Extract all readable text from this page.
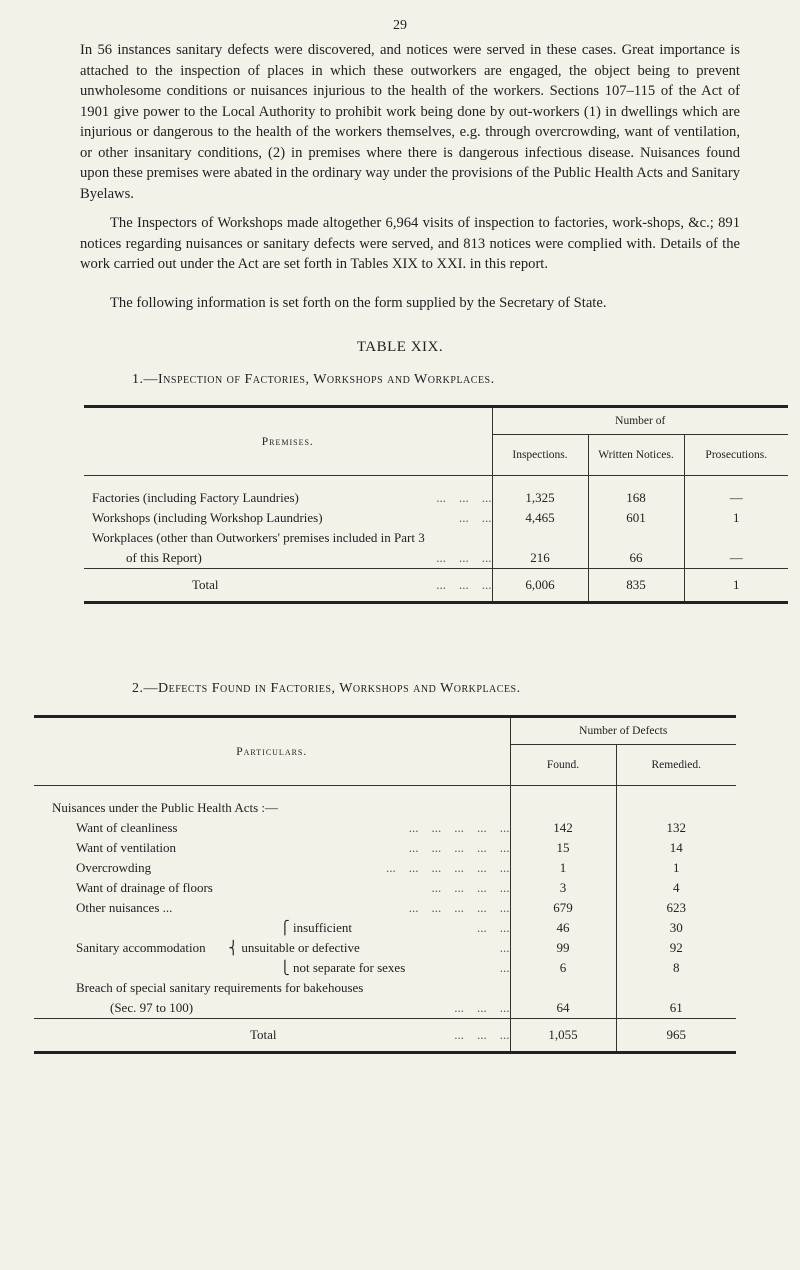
29

In 56 instances sanitary defects were discovered, and notices were served in these cases. Great importance is attached to the inspection of places in which these outworkers are engaged, the object being to prevent unwholesome conditions or nuisances injurious to the health of the workers. Sections 107–115 of the Act of 1901 give power to the Local Authority to prohibit work being done by out-workers (1) in dwellings which are injurious or dangerous to the health of the workers themselves, e.g. through overcrowding, want of ventilation, or other insanitary conditions, (2) in premises where there is dangerous infectious disease. Nuisances found upon these premises were abated in the ordinary way under the provisions of the Public Health Acts and Sanitary Byelaws.

The Inspectors of Workshops made altogether 6,964 visits of inspection to factories, work-shops, &c.; 891 notices regarding nuisances or sanitary defects were served, and 813 notices were complied with. Details of the work carried out under the Act are set forth in Tables XIX to XXI. in this report.

The following information is set forth on the form supplied by the Secretary of State.

TABLE XIX.
1.—Inspection of Factories, Workshops and Workplaces.
Premises.	Number of		
	Inspections.	Written Notices.	Prosecutions.

Factories (including Factory Laundries) ...    ...    ...	1,325	168	—

Workshops (including Workshop Laundries) ...    ...	4,465	601	1
Workplaces (other than Outworkers' premises included in Part 3			

of this Report) ...    ...    ...	216	66	—

Total ...    ...    ...	6,006	835	1
2.—Defects Found in Factories, Workshops and Workplaces.
Particulars.	Number of Defects	
	Found.	Remedied.

Nuisances under the Public Health Acts :—		

Want of cleanliness ...    ...    ...    ...    ...	142	132

Want of ventilation ...    ...    ...    ...    ...	15	14

Overcrowding ...    ...    ...    ...    ...    ...	1	1

Want of drainage of floors ...    ...    ...    ...	3	4

Other nuisances ... ...    ...    ...    ...    ...	679	623

⎧ insufficient ...    ...	46	30

Sanitary accommodation ⎨ unsuitable or defective ...	99	92

⎩ not separate for sexes ...	6	8
Breach of special sanitary requirements for bakehouses		

(Sec. 97 to 100) ...    ...    ...	64	61

Total ...    ...    ...	1,055	965
